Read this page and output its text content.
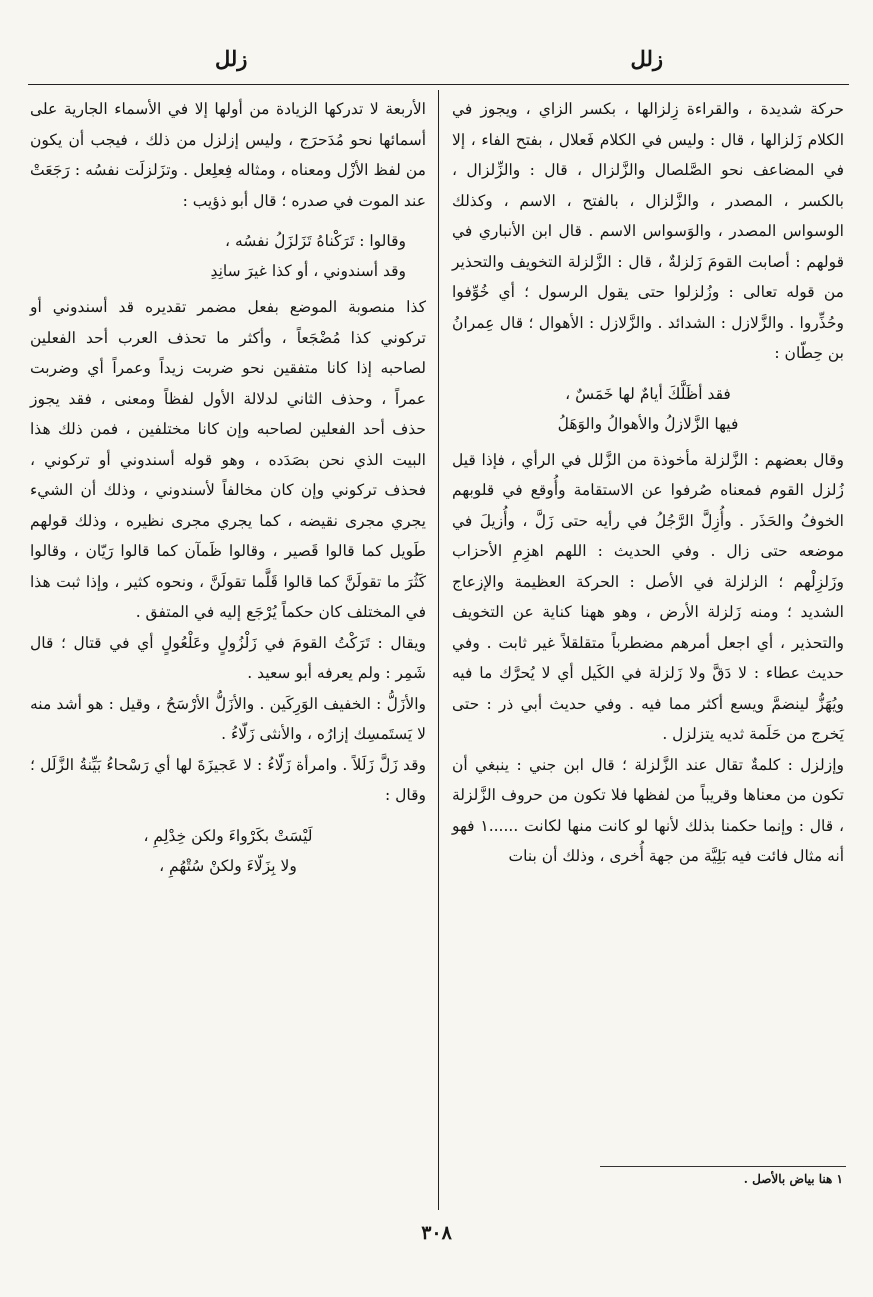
زلل
زلل

حركة شديدة ، والقراءة زِلزالها ، بكسر الزاي ، ويجوز في الكلام زَلزالها ، قال : وليس في الكلام فَعلال ، بفتح الفاء ، إلا في المضاعف نحو الصَّلصال والزَّلزال ، قال : والزِّلزال ، بالكسر ، المصدر ، والزَّلزال ، بالفتح ، الاسم ، وكذلك الوسواس المصدر ، والوَسواس الاسم . قال ابن الأنباري في قولهم : أصابت القومَ زَلزلةٌ ، قال : الزَّلزلة التخويف والتحذير من قوله تعالى : وزُلزلوا حتى يقول الرسول ؛ أي خُوِّفوا وحُذِّروا . والزَّلازل : الشدائد . والزَّلازل : الأهوال ؛ قال عِمرانُ بن حِطّان :

فقد أظَلَّكَ أيامٌ لها خَمَسٌ ،

فيها الزَّلازلُ والأهوالُ والوَهَلُ

وقال بعضهم : الزَّلزلة مأخوذة من الزَّلل في الرأي ، فإذا قيل زُلزل القوم فمعناه صُرفوا عن الاستقامة وأُوقع في قلوبهم الخوفُ والحَذَر . وأُزِلَّ الرَّجُلُ في رأيه حتى زَلَّ ، وأُزيلَ في موضعه حتى زال . وفي الحديث : اللهم اهزِمِ الأحزاب وزَلزِلْهم ؛ الزلزلة في الأصل : الحركة العظيمة والإزعاج الشديد ؛ ومنه زَلزلة الأرض ، وهو ههنا كناية عن التخويف والتحذير ، أي اجعل أمرهم مضطرباً متقلقلاً غير ثابت . وفي حديث عطاء : لا دَقَّ ولا زَلزلة في الكَيل أي لا يُحرَّك ما فيه ويُهَزُّ لينضمَّ ويسع أكثر مما فيه . وفي حديث أبي ذر : حتى يَخرج من حَلَمة ثديه يتزلزل .

وإزلزل : كلمةٌ تقال عند الزَّلزلة ؛ قال ابن جني : ينبغي أن تكون من معناها وقريباً من لفظها فلا تكون من حروف الزَّلزلة ، قال : وإنما حكمنا بذلك لأنها لو كانت منها لكانت ......١ فهو أنه مثال فائت فيه بَلِيَّة من جهة أُخرى ، وذلك أن بنات

الأربعة لا تدركها الزيادة من أولها إلا في الأسماء الجارية على أسمائها نحو مُدَحرَج ، وليس إزلزل من ذلك ، فيجب أن يكون من لفظ الأزْل ومعناه ، ومثاله فِعلِعل . وتزَلزلَت نفسُه : رَجَعَتْ عند الموت في صدره ؛ قال أبو ذؤيب :

وقالوا : تَرَكْناهُ تَزَلزَلُ نفسُه ،

وقد أسندوني ، أو كذا غيرَ سانِدِ

كذا منصوبة الموضع بفعل مضمر تقديره قد أسندوني أو تركوني كذا مُضْجَعاً ، وأكثر ما تحذف العرب أحد الفعلين لصاحبه إذا كانا متفقين نحو ضربت زيداً وعمراً أي وضربت عمراً ، وحذف الثاني لدلالة الأول لفظاً ومعنى ، فقد يجوز حذف أحد الفعلين لصاحبه وإن كانا مختلفين ، فمن ذلك هذا البيت الذي نحن بصَدَده ، وهو قوله أسندوني أو تركوني ، فحذف تركوني وإن كان مخالفاً لأسندوني ، وذلك أن الشيء يجري مجرى نقيضه ، كما يجري مجرى نظيره ، وذلك قولهم طَويل كما قالوا قَصير ، وقالوا ظَمآن كما قالوا رَيّان ، وقالوا كَثُرَ ما تقولَنَّ كما قالوا قَلَّما تقولَنَّ ، ونحوه كثير ، وإذا ثبت هذا في المختلف كان حكماً يُرْجَع إليه في المتفق .

ويقال : تَرَكْتُ القومَ في زَلْزُولٍ وعَلْعُولٍ أي في قتال ؛ قال شَمِر : ولم يعرفه أبو سعيد .

والأزَلُّ : الخفيف الوَرِكَين . والأزَلُّ الأرْسَحُ ، وقيل : هو أشد منه لا يَستَمسِك إزارُه ، والأنثى زَلّاءُ .

وقد زَلَّ زَلَلاً . وامرأة زَلّاءُ : لا عَجيزَةَ لها أي رَسْحاءُ بَيِّنةُ الزَّلَل ؛ وقال :

لَيْسَتْ بكَرْواءَ ولكن خِدْلِمِ ،

ولا بِزَلّاءَ ولكنْ سُتْهُمِ ،

١ هنا بياض بالأصل .
٣٠٨
